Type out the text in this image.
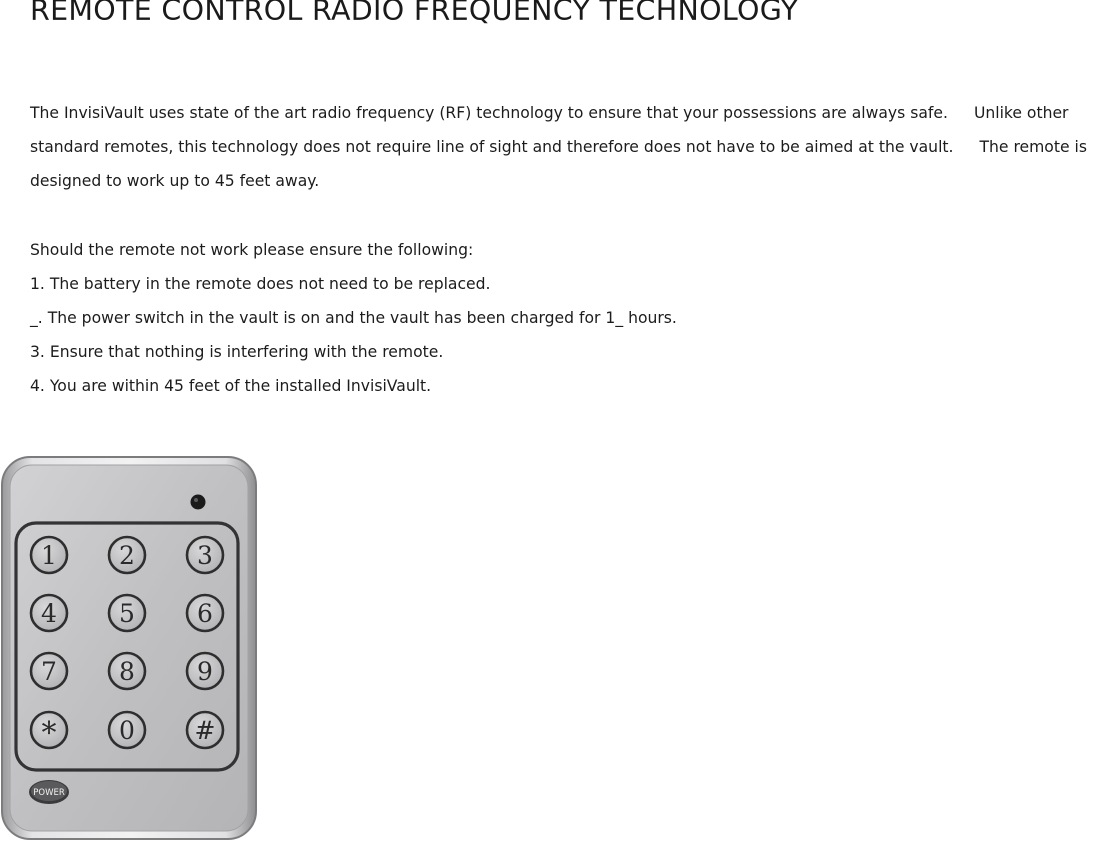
REMOTE CONTROL RADIO FREQUENCY TECHNOLOGY

The InvisiVault uses state of the art radio frequency (RF) technology to ensure that your possessions are always safe. Unlike other standard remotes, this technology does not require line of sight and therefore does not have to be aimed at the vault. The remote is designed to work up to 45 feet away.

Should the remote not work please ensure the following:

1. The battery in the remote does not need to be replaced.

_. The power switch in the vault is on and the vault has been charged for 1_ hours.

3. Ensure that nothing is interfering with the remote.

4. You are within 45 feet of the installed InvisiVault.

1 2 3
4 5 6
7 8 9
*	0 #
POWER
